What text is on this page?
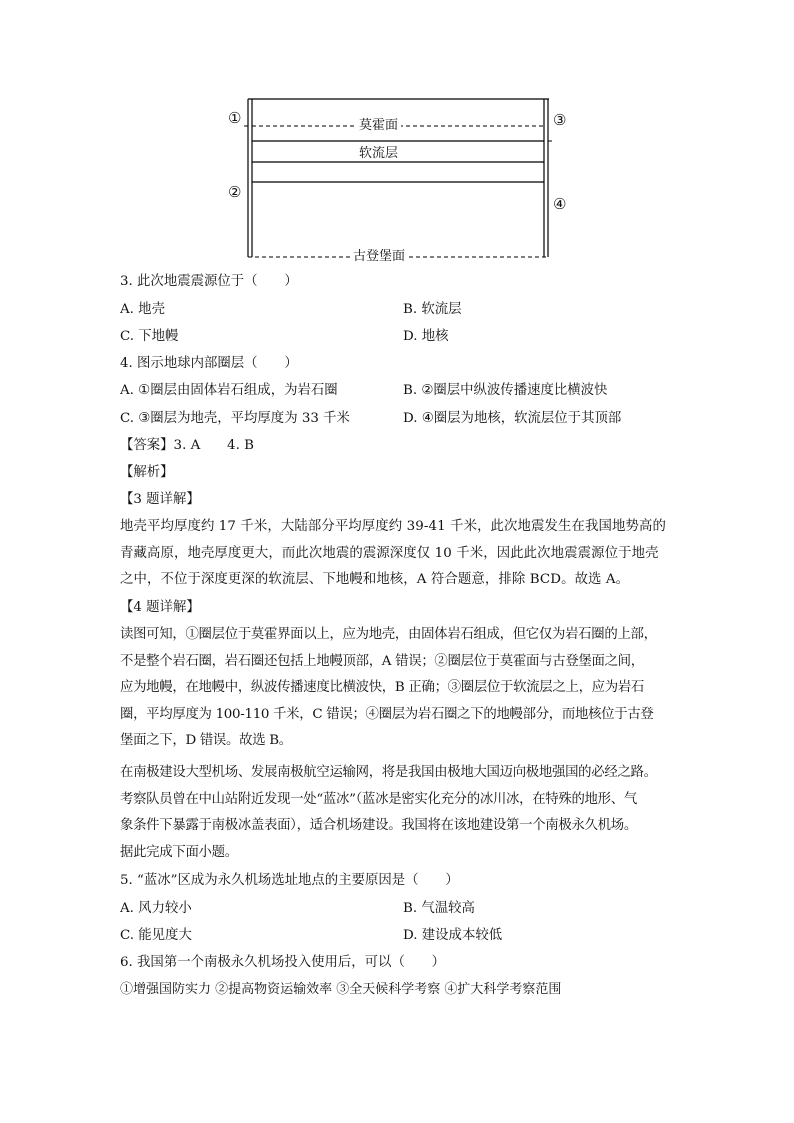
莫霍面
软流层
古登堡面
①
②
③
④
3. 此次地震震源位于（　　）
A. 地壳	B. 软流层
C. 下地幔	D. 地核
4. 图示地球内部圈层（　　）
A. ①圈层由固体岩石组成，为岩石圈	B. ②圈层中纵波传播速度比横波快
C. ③圈层为地壳，平均厚度为 33 千米	D. ④圈层为地核，软流层位于其顶部
【答案】3. A　　4. B
【解析】
【3 题详解】
地壳平均厚度约 17 千米，大陆部分平均厚度约 39-41 千米，此次地震发生在我国地势高的
青藏高原，地壳厚度更大，而此次地震的震源深度仅 10 千米，因此此次地震震源位于地壳
之中，不位于深度更深的软流层、下地幔和地核，A 符合题意，排除 BCD。故选 A。
【4 题详解】
读图可知，①圈层位于莫霍界面以上，应为地壳，由固体岩石组成，但它仅为岩石圈的上部，
不是整个岩石圈，岩石圈还包括上地幔顶部，A 错误；②圈层位于莫霍面与古登堡面之间，
应为地幔，在地幔中，纵波传播速度比横波快，B 正确；③圈层位于软流层之上，应为岩石
圈，平均厚度为 100-110 千米，C 错误；④圈层为岩石圈之下的地幔部分，而地核位于古登
堡面之下，D 错误。故选 B。
在南极建设大型机场、发展南极航空运输网，将是我国由极地大国迈向极地强国的必经之路。
考察队员曾在中山站附近发现一处“蓝冰”（蓝冰是密实化充分的冰川冰，在特殊的地形、气
象条件下暴露于南极冰盖表面），适合机场建设。我国将在该地建设第一个南极永久机场。
据此完成下面小题。
5. “蓝冰”区成为永久机场选址地点的主要原因是（　　）
A. 风力较小	B. 气温较高
C. 能见度大	D. 建设成本较低
6. 我国第一个南极永久机场投入使用后，可以（　　）
①增强国防实力 ②提高物资运输效率 ③全天候科学考察 ④扩大科学考察范围
